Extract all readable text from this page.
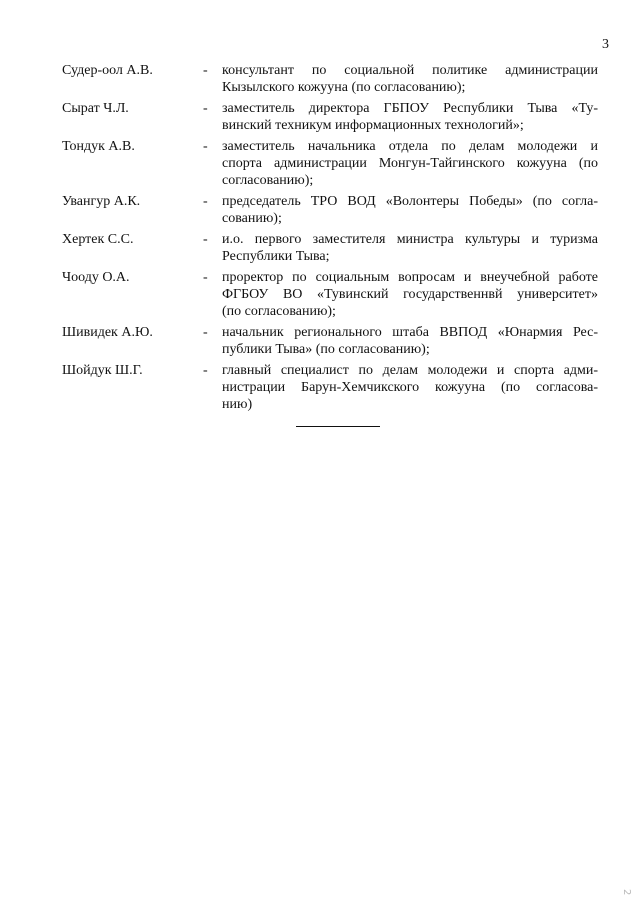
3
Судер-оол А.В.	-	консультант по социальной политике администрации
Кызылского кожууна (по согласованию);
Сырат Ч.Л.	-	заместитель директора ГБПОУ Республики Тыва «Ту-
винский техникум информационных технологий»;
Тондук А.В.	-	заместитель начальника отдела по делам молодежи и
спорта администрации Монгун-Тайгинского кожууна (по
согласованию);
Увангур А.К.	-	председатель ТРО ВОД «Волонтеры Победы» (по согла-
сованию);
Хертек С.С.	-	и.о. первого заместителя министра культуры и туризма
Республики Тыва;
Чооду О.А.	-	проректор по социальным вопросам и внеучебной работе
ФГБОУ ВО «Тувинский государственнвй университет»
(по согласованию);
Шивидек А.Ю.	-	начальник регионального штаба ВВПОД «Юнармия Рес-
публики Тыва» (по согласованию);
Шойдук Ш.Г.	-	главный специалист по делам молодежи и спорта адми-
нистрации Барун-Хемчикского кожууна (по согласова-
нию)
2
